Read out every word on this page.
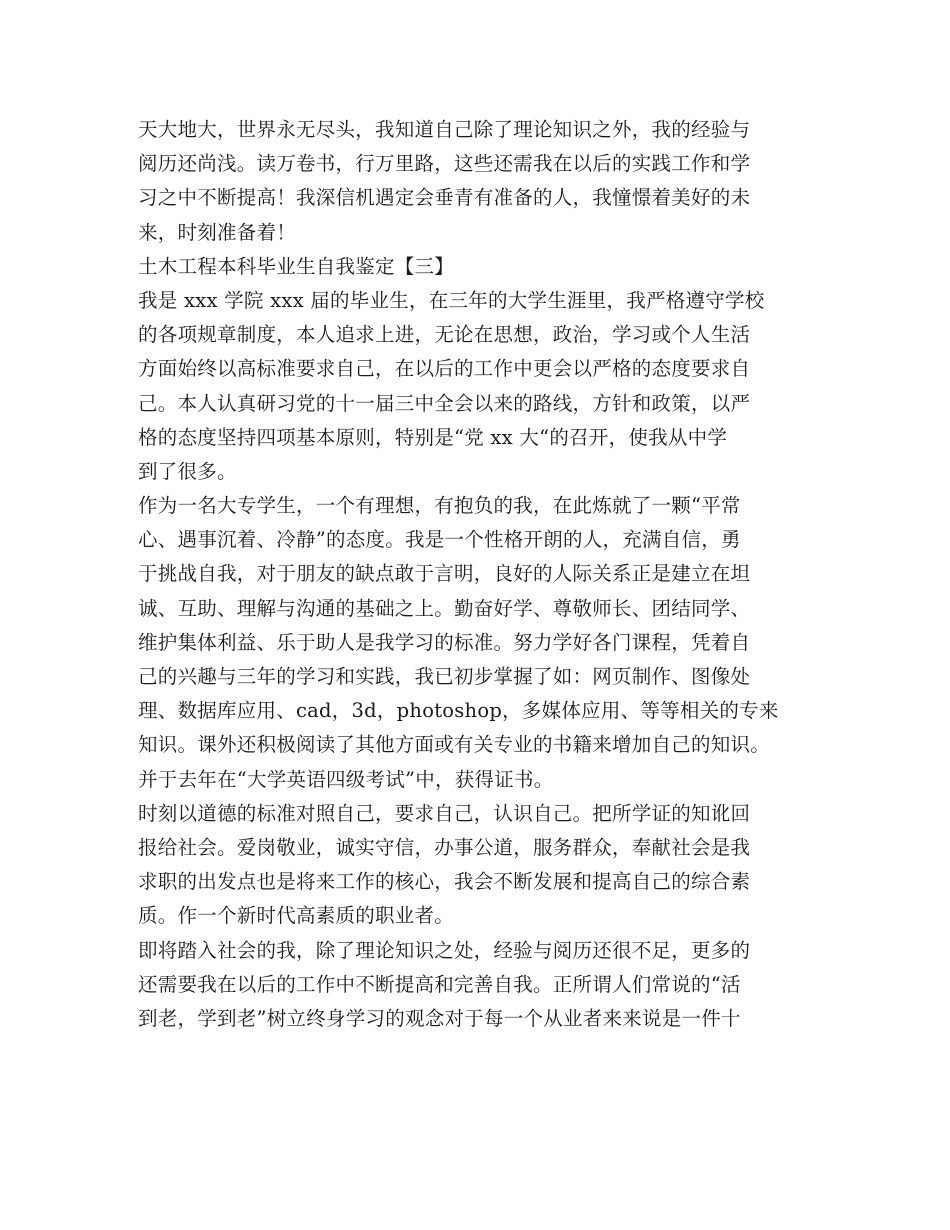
天大地大，世界永无尽头，我知道自己除了理论知识之外，我的经验与
阅历还尚浅。读万卷书，行万里路，这些还需我在以后的实践工作和学
习之中不断提高！我深信机遇定会垂青有准备的人，我憧憬着美好的未
来，时刻准备着！
土木工程本科毕业生自我鉴定【三】
我是 xxx 学院 xxx 届的毕业生，在三年的大学生涯里，我严格遵守学校
的各项规章制度，本人追求上进，无论在思想，政治，学习或个人生活
方面始终以高标准要求自己，在以后的工作中更会以严格的态度要求自
己。本人认真研习党的十一届三中全会以来的路线，方针和政策，以严
格的态度坚持四项基本原则，特别是“党 xx 大“的召开，使我从中学
到了很多。
作为一名大专学生，一个有理想，有抱负的我，在此炼就了一颗“平常
心、遇事沉着、冷静”的态度。我是一个性格开朗的人，充满自信，勇
于挑战自我，对于朋友的缺点敢于言明，良好的人际关系正是建立在坦
诚、互助、理解与沟通的基础之上。勤奋好学、尊敬师长、团结同学、
维护集体利益、乐于助人是我学习的标准。努力学好各门课程，凭着自
己的兴趣与三年的学习和实践，我已初步掌握了如：网页制作、图像处
理、数据库应用、cad，3d，photoshop，多媒体应用、等等相关的专来
知识。课外还积极阅读了其他方面或有关专业的书籍来增加自己的知识。
并于去年在“大学英语四级考试”中，获得证书。
时刻以道德的标准对照自己，要求自己，认识自己。把所学证的知讹回
报给社会。爱岗敬业，诚实守信，办事公道，服务群众，奉献社会是我
求职的出发点也是将来工作的核心，我会不断发展和提高自己的综合素
质。作一个新时代高素质的职业者。
即将踏入社会的我，除了理论知识之处，经验与阅历还很不足，更多的
还需要我在以后的工作中不断提高和完善自我。正所谓人们常说的“活
到老，学到老”树立终身学习的观念对于每一个从业者来来说是一件十
